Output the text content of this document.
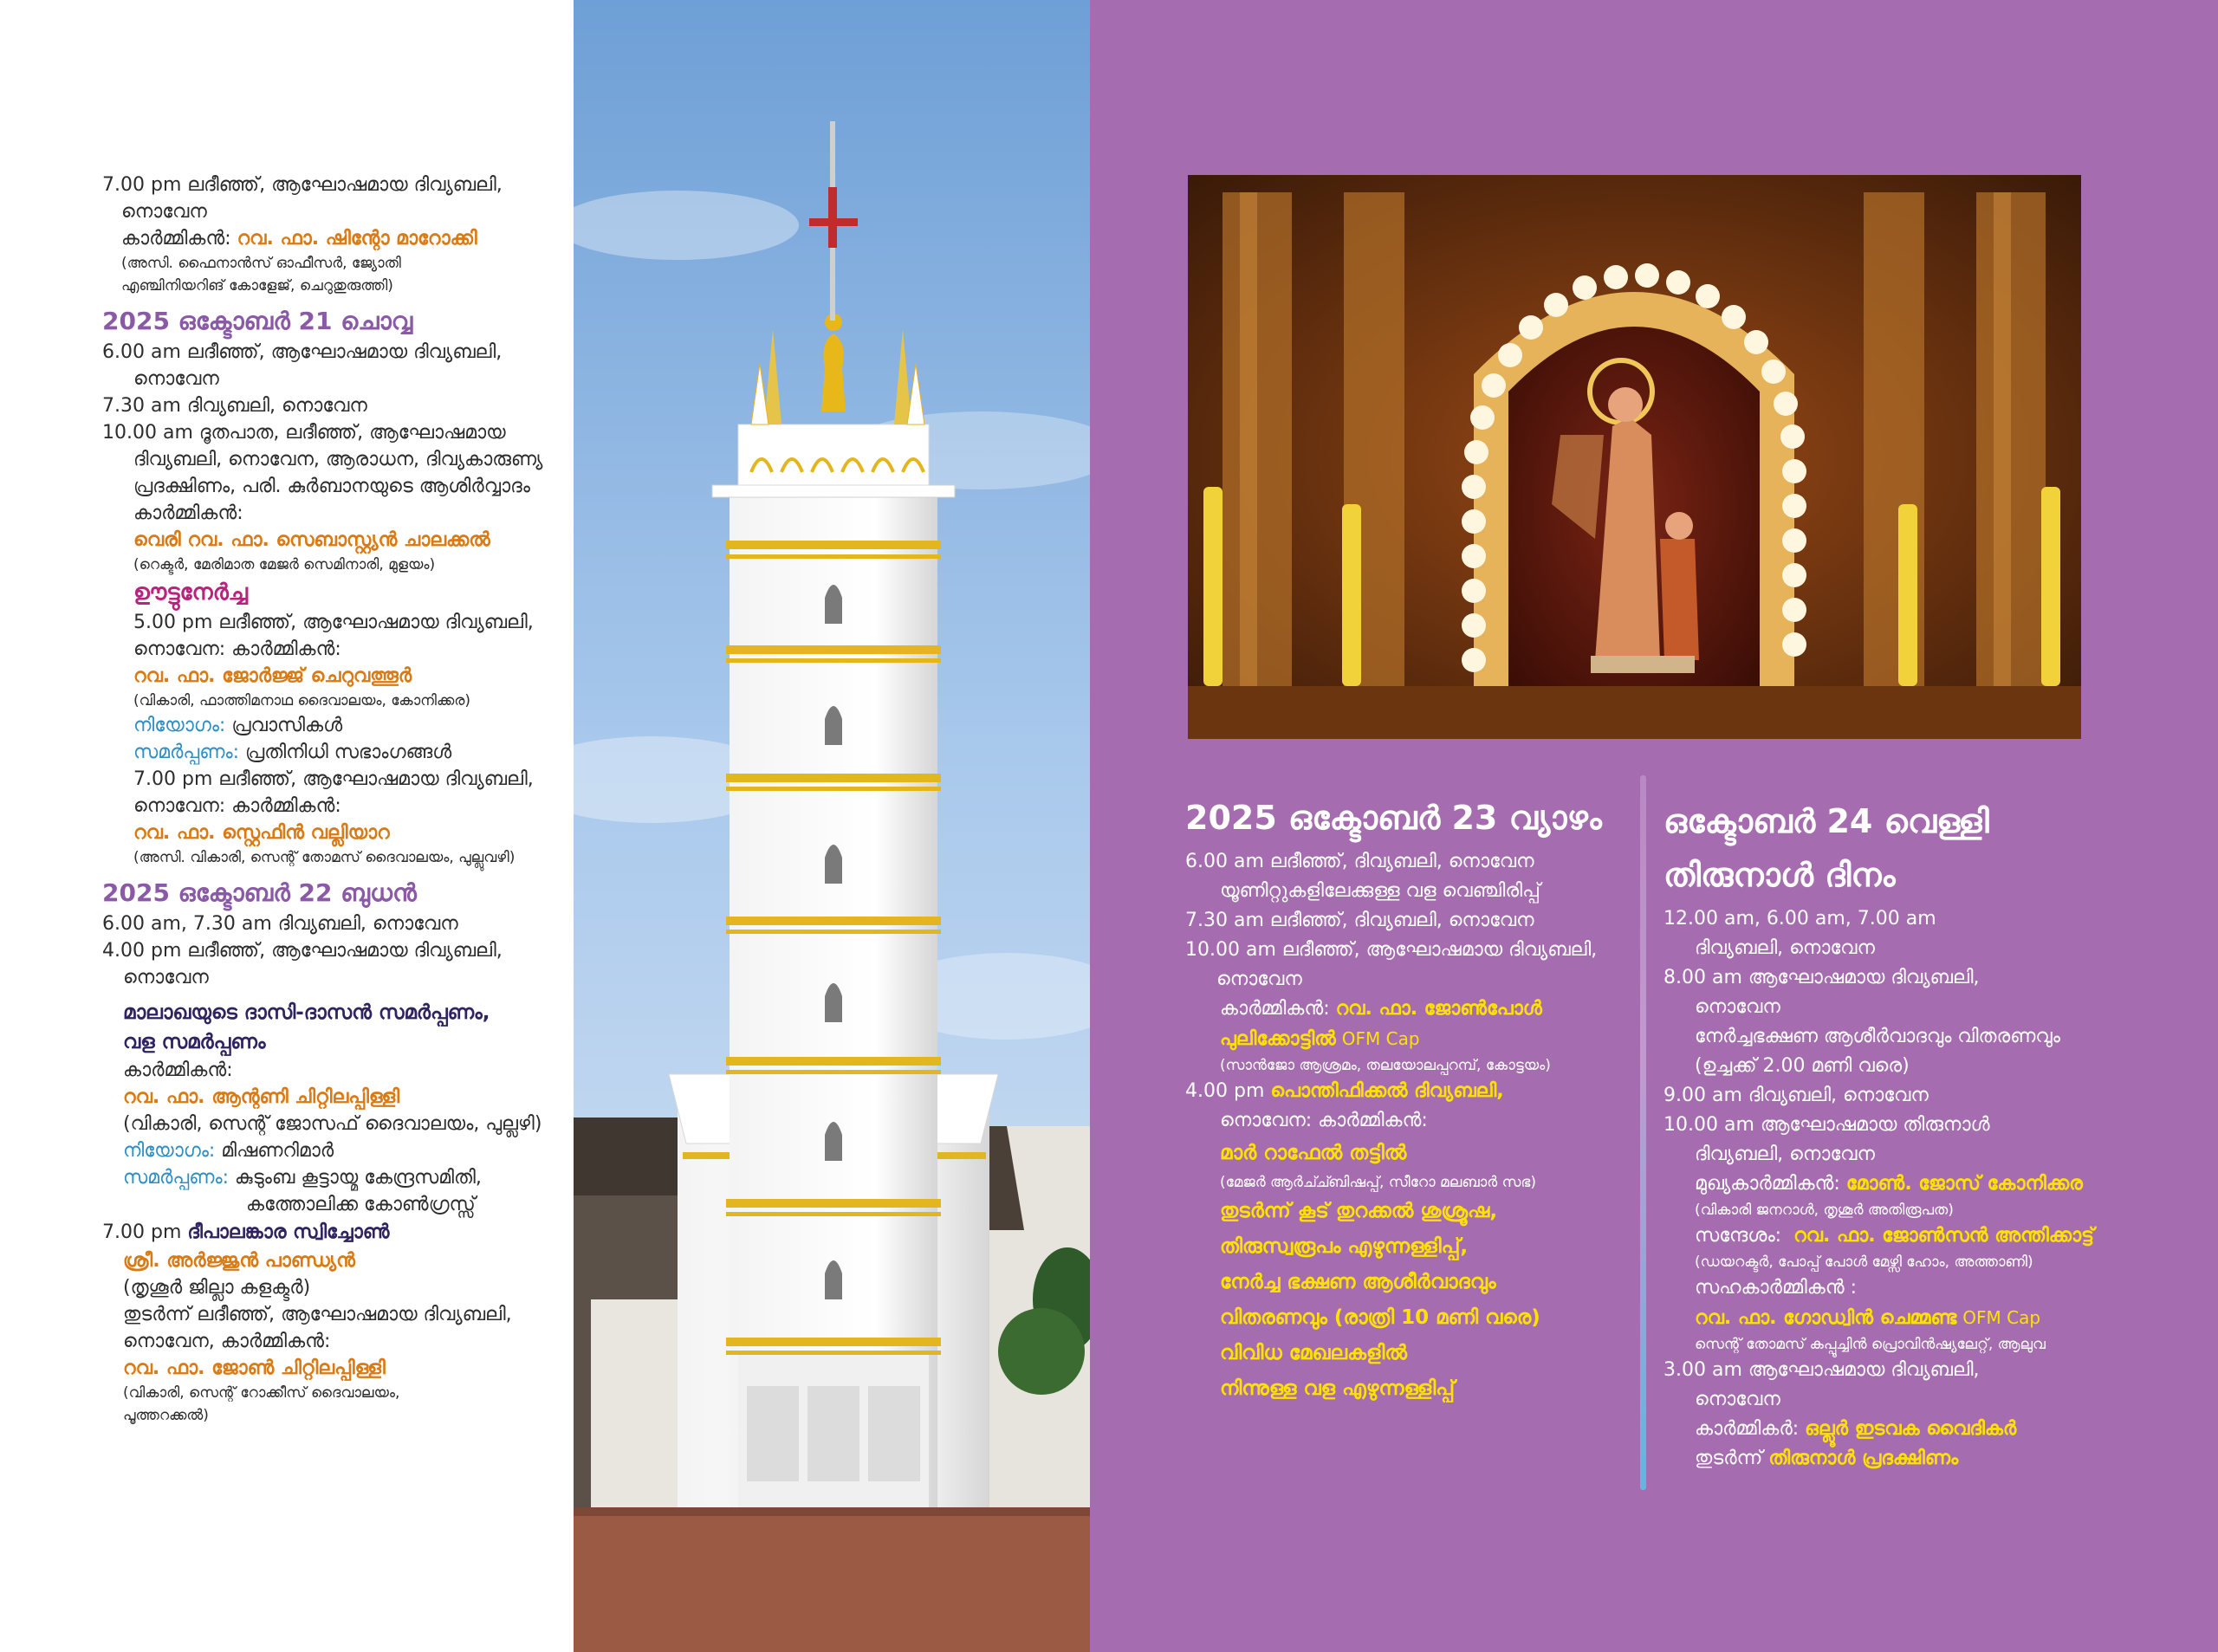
7.00 pm ലദീഞ്ഞ്, ആഘോഷമായ ദിവ്യബലി,
നൊവേന
കാർമ്മികൻ: റവ. ഫാ. ഷിന്റോ മാറോക്കി
(അസി. ഫൈനാൻസ് ഓഫീസർ, ജ്യോതി
എഞ്ചിനിയറിങ് കോളേജ്, ചെറുതുരുത്തി)
2025 ഒക്ടോബർ 21 ചൊവ്വ
6.00 am ലദീഞ്ഞ്, ആഘോഷമായ ദിവ്യബലി,
നൊവേന
7.30 am ദിവ്യബലി, നൊവേന
10.00 am ദൂതപാത, ലദീഞ്ഞ്, ആഘോഷമായ
ദിവ്യബലി, നൊവേന, ആരാധന, ദിവ്യകാരുണ്യ
പ്രദക്ഷിണം, പരി. കുർബാനയുടെ ആശിർവ്വാദം
കാർമ്മികൻ:
വെരി റവ. ഫാ. സെബാസ്റ്റ്യൻ ചാലക്കൽ
(റെക്ടർ, മേരിമാത മേജർ സെമിനാരി, മുളയം)
ഊട്ടുനേർച്ച
5.00 pm ലദീഞ്ഞ്, ആഘോഷമായ ദിവ്യബലി,
നൊവേന: കാർമ്മികൻ:
റവ. ഫാ. ജോർജ്ജ് ചെറുവത്തൂർ
(വികാരി, ഫാത്തിമനാഥ ദൈവാലയം, കോനിക്കര)
നിയോഗം: പ്രവാസികൾ
സമർപ്പണം: പ്രതിനിധി സഭാംഗങ്ങൾ
7.00 pm ലദീഞ്ഞ്, ആഘോഷമായ ദിവ്യബലി,
നൊവേന: കാർമ്മികൻ:
റവ. ഫാ. സ്റ്റെഫിൻ വല്ലിയാറ
(അസി. വികാരി, സെന്റ് തോമസ് ദൈവാലയം, പുല്ലുവഴി)
2025 ഒക്ടോബർ 22 ബുധൻ
6.00 am, 7.30 am ദിവ്യബലി, നൊവേന
4.00 pm ലദീഞ്ഞ്, ആഘോഷമായ ദിവ്യബലി,
നൊവേന
മാലാഖയുടെ ദാസി-ദാസൻ സമർപ്പണം,
വള സമർപ്പണം
കാർമ്മികൻ:
റവ. ഫാ. ആന്റണി ചിറ്റിലപ്പിള്ളി
(വികാരി, സെന്റ് ജോസഫ് ദൈവാലയം, പുല്ലഴി)
നിയോഗം: മിഷണറിമാർ
സമർപ്പണം: കുടുംബ കൂട്ടായ്മ കേന്ദ്രസമിതി,
കത്തോലിക്ക കോൺഗ്രസ്സ്
7.00 pm ദീപാലങ്കാര സ്വിച്ചോൺ
ശ്രീ. അർജ്ജുൻ പാണ്ഡ്യൻ
(തൃശൂർ ജില്ലാ കളക്ടർ)
തുടർന്ന് ലദീഞ്ഞ്, ആഘോഷമായ ദിവ്യബലി,
നൊവേന, കാർമ്മികൻ:
റവ. ഫാ. ജോൺ ചിറ്റിലപ്പിള്ളി
(വികാരി, സെന്റ് റോക്കീസ് ദൈവാലയം,
പൂത്തറക്കൽ)
2025 ഒക്ടോബർ 23 വ്യാഴം
6.00 am ലദീഞ്ഞ്, ദിവ്യബലി, നൊവേന
യൂണിറ്റുകളിലേക്കുള്ള വള വെഞ്ചിരിപ്പ്
7.30 am ലദീഞ്ഞ്, ദിവ്യബലി, നൊവേന
10.00 am ലദീഞ്ഞ്, ആഘോഷമായ ദിവ്യബലി,
നൊവേന
കാർമ്മികൻ: റവ. ഫാ. ജോൺപോൾ
പുലിക്കോട്ടിൽ OFM Cap
(സാൻജോ ആശ്രമം, തലയോലപ്പറമ്പ്, കോട്ടയം)
4.00 pm പൊന്തിഫിക്കൽ ദിവ്യബലി,
നൊവേന: കാർമ്മികൻ:
മാർ റാഫേൽ തട്ടിൽ
(മേജർ ആർച്ച്ബിഷപ്പ്, സീറോ മലബാർ സഭ)
തുടർന്ന് കൂട് തുറക്കൽ ശുശ്രൂഷ,
തിരുസ്വരൂപം എഴുന്നള്ളിപ്പ്,
നേർച്ച ഭക്ഷണ ആശീർവാദവും
വിതരണവും (രാത്രി 10 മണി വരെ)
വിവിധ മേഖലകളിൽ
നിന്നുള്ള വള എഴുന്നള്ളിപ്പ്
ഒക്ടോബർ 24 വെള്ളി
തിരുനാൾ ദിനം
12.00 am, 6.00 am, 7.00 am
ദിവ്യബലി, നൊവേന
8.00 am ആഘോഷമായ ദിവ്യബലി,
നൊവേന
നേർച്ചഭക്ഷണ ആശീർവാദവും വിതരണവും
(ഉച്ചക്ക് 2.00 മണി വരെ)
9.00 am ദിവ്യബലി, നൊവേന
10.00 am ആഘോഷമായ തിരുനാൾ
ദിവ്യബലി, നൊവേന
മുഖ്യകാർമ്മികൻ: മോൺ. ജോസ് കോനിക്കര
(വികാരി ജനറാൾ, തൃശൂർ അതിരൂപത)
സന്ദേശം: റവ. ഫാ. ജോൺസൻ അന്തിക്കാട്ട്
(ഡയറക്ടർ, പോപ്പ് പോൾ മേഴ്സി ഹോം, അത്താണി)
സഹകാർമ്മികൻ :
റവ. ഫാ. ഗോഡ്വിൻ ചെമ്മണ്ട OFM Cap
സെന്റ് തോമസ് കപ്പൂച്ചിൻ പ്രൊവിൻഷ്യലേറ്റ്, ആലുവ
3.00 am ആഘോഷമായ ദിവ്യബലി,
നൊവേന
കാർമ്മികർ: ഒല്ലൂർ ഇടവക വൈദികർ
തുടർന്ന് തിരുനാൾ പ്രദക്ഷിണം
